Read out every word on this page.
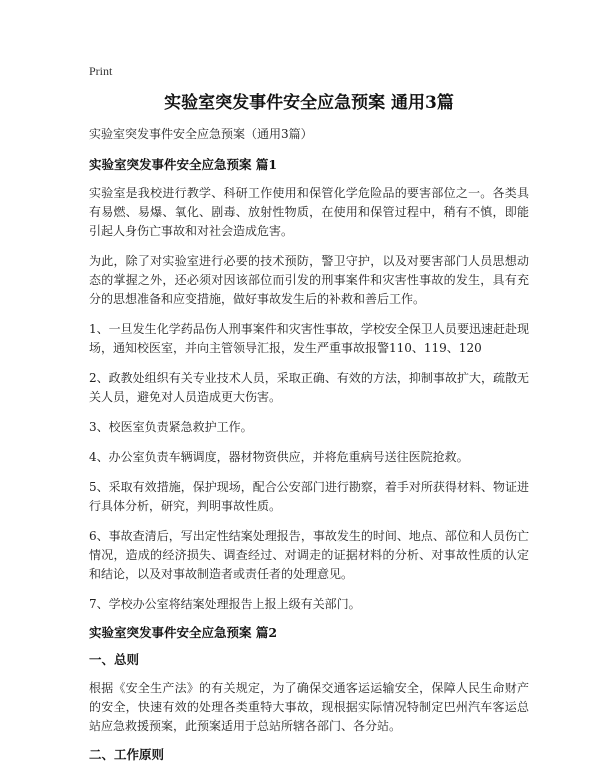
Print
实验室突发事件安全应急预案 通用3篇
实验室突发事件安全应急预案（通用3篇）
实验室突发事件安全应急预案 篇1

实验室是我校进行教学、科研工作使用和保管化学危险品的要害部位之一。各类具有易燃、易爆、氧化、剧毒、放射性物质，在使用和保管过程中，稍有不慎，即能引起人身伤亡事故和对社会造成危害。

为此，除了对实验室进行必要的技术预防，警卫守护，以及对要害部门人员思想动态的掌握之外，还必须对因该部位而引发的刑事案件和灾害性事故的发生，具有充分的思想准备和应变措施，做好事故发生后的补救和善后工作。

1、一旦发生化学药品伤人刑事案件和灾害性事故，学校安全保卫人员要迅速赶赴现场，通知校医室，并向主管领导汇报，发生严重事故报警110、119、120

2、政教处组织有关专业技术人员，采取正确、有效的方法，抑制事故扩大，疏散无关人员，避免对人员造成更大伤害。

3、校医室负责紧急救护工作。

4、办公室负责车辆调度，器材物资供应，并将危重病号送往医院抢救。

5、采取有效措施，保护现场，配合公安部门进行勘察，着手对所获得材料、物证进行具体分析，研究，判明事故性质。

6、事故查清后，写出定性结案处理报告，事故发生的时间、地点、部位和人员伤亡情况，造成的经济损失、调查经过、对调走的证据材料的分析、对事故性质的认定和结论，以及对事故制造者或责任者的处理意见。

7、学校办公室将结案处理报告上报上级有关部门。

实验室突发事件安全应急预案 篇2
一、总则

根据《安全生产法》的有关规定，为了确保交通客运运输安全，保障人民生命财产的安全，快速有效的处理各类重特大事故，现根据实际情况特制定巴州汽车客运总站应急救援预案，此预案适用于总站所辖各部门、各分站。

二、工作原则
